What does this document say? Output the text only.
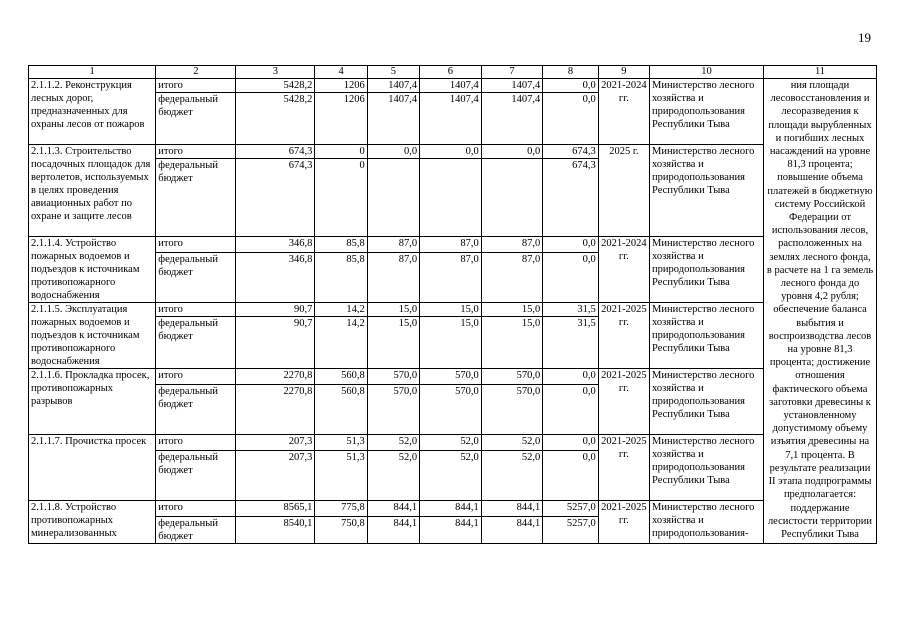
19
1	2	3	4	5	6	7	8	9	10	11
2.1.1.2. Реконструкция лесных дорог, предназначенных для охраны лесов от пожаров	итого	5428,2	1206	1407,4	1407,4	1407,4	0,0	2021-2024 гг.	Министерство лесного хозяйства и природопользования Республики Тыва	ния площади лесовосстановления и лесоразведения к площади вырубленных и погибших лесных насаждений на уровне 81,3 процента; повышение объема платежей в бюджетную систему Российской Федерации от использования лесов, расположенных на землях лесного фонда, в расчете на 1 га земель лесного фонда до уровня 4,2 рубля; обеспечение баланса выбытия и воспроизводства лесов на уровне 81,3 процента; достижение отношения фактического объема заготовки древесины к установленному допустимому объему изъятия древесины на 7,1 процента. В результате реализации II этапа подпрограммы предполагается: поддержание лесистости территории Республики Тыва
	федеральный бюджет	5428,2	1206	1407,4	1407,4	1407,4	0,0			
2.1.1.3. Строительство посадочных площадок для вертолетов, используемых в целях проведения авиационных работ по охране и защите лесов	итого	674,3	0	0,0	0,0	0,0	674,3	2025 г.	Министерство лесного хозяйства и природопользования Республики Тыва	
	федеральный бюджет	674,3	0				674,3			
2.1.1.4. Устройство пожарных водоемов и подъездов к источникам противопожарного водоснабжения	итого	346,8	85,8	87,0	87,0	87,0	0,0	2021-2024 гг.	Министерство лесного хозяйства и природопользования Республики Тыва	
	федеральный бюджет	346,8	85,8	87,0	87,0	87,0	0,0			
2.1.1.5. Эксплуатация пожарных водоемов и подъездов к источникам противопожарного водоснабжения	итого	90,7	14,2	15,0	15,0	15,0	31,5	2021-2025 гг.	Министерство лесного хозяйства и природопользования Республики Тыва	
	федеральный бюджет	90,7	14,2	15,0	15,0	15,0	31,5			
2.1.1.6. Прокладка просек, противопожарных разрывов	итого	2270,8	560,8	570,0	570,0	570,0	0,0	2021-2025 гг.	Министерство лесного хозяйства и природопользования Республики Тыва	
	федеральный бюджет	2270,8	560,8	570,0	570,0	570,0	0,0			
2.1.1.7. Прочистка просек	итого	207,3	51,3	52,0	52,0	52,0	0,0	2021-2025 гг.	Министерство лесного хозяйства и природопользования Республики Тыва	
	федеральный бюджет	207,3	51,3	52,0	52,0	52,0	0,0			
2.1.1.8. Устройство противопожарных минерализованных	итого	8565,1	775,8	844,1	844,1	844,1	5257,0	2021-2025 гг.	Министерство лесного хозяйства и природопользования-	
	федеральный бюджет	8540,1	750,8	844,1	844,1	844,1	5257,0			
